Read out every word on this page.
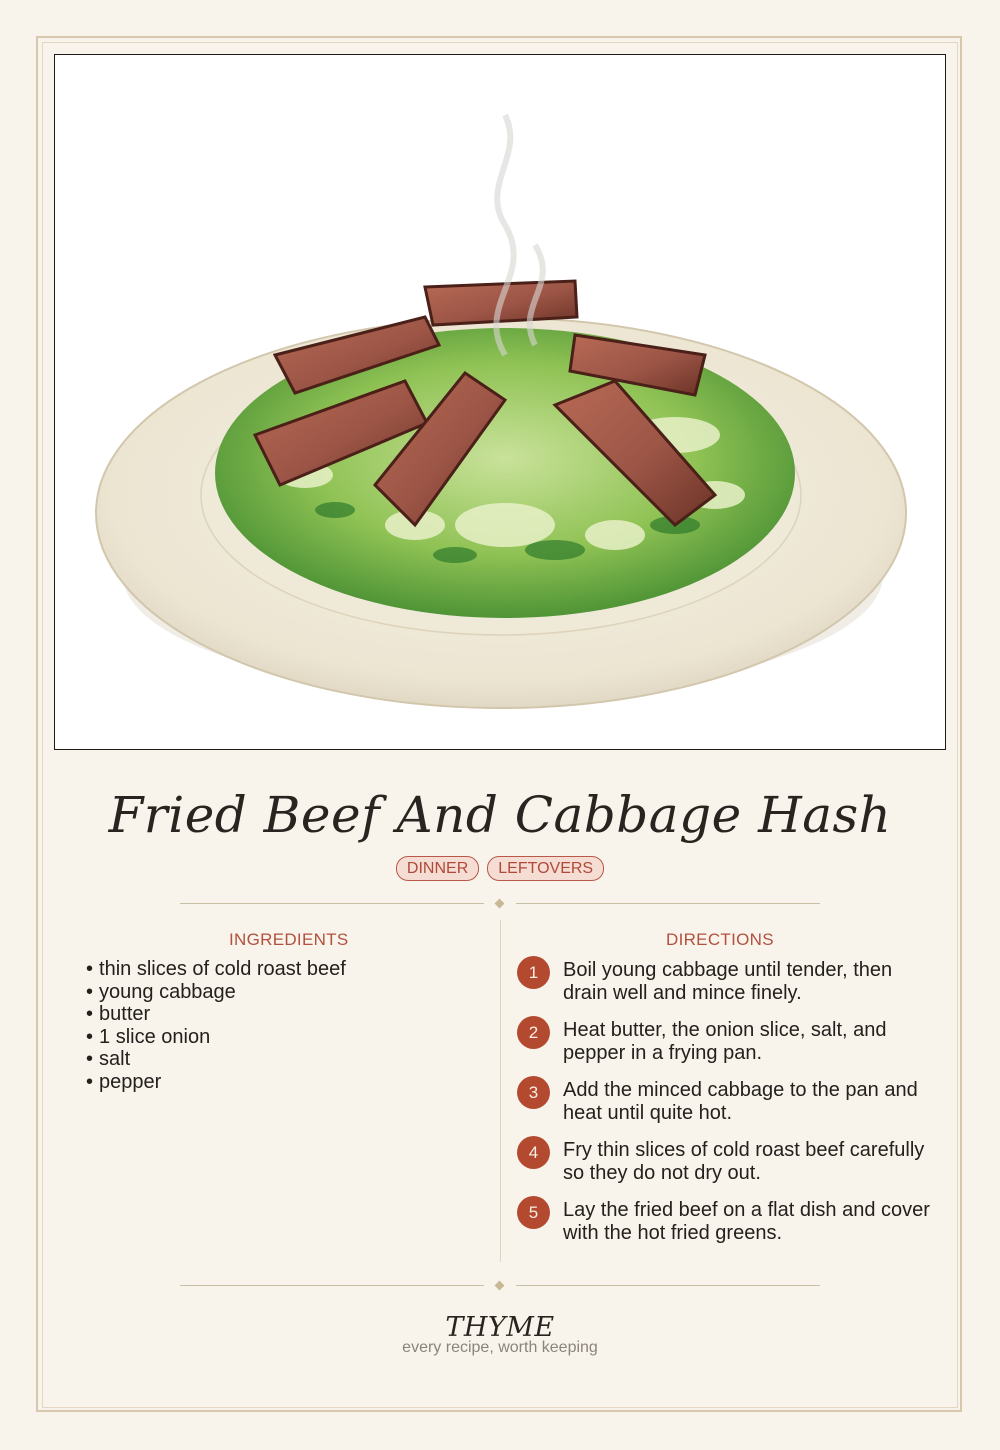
Fried Beef And Cabbage Hash
DINNER	LEFTOVERS
INGREDIENTS
• thin slices of cold roast beef
• young cabbage
• butter
• 1 slice onion
• salt
• pepper
DIRECTIONS
1	Boil young cabbage until tender, then drain well and mince finely.
2	Heat butter, the onion slice, salt, and pepper in a frying pan.
3	Add the minced cabbage to the pan and heat until quite hot.
4	Fry thin slices of cold roast beef carefully so they do not dry out.
5	Lay the fried beef on a flat dish and cover with the hot fried greens.
THYME
every recipe, worth keeping
